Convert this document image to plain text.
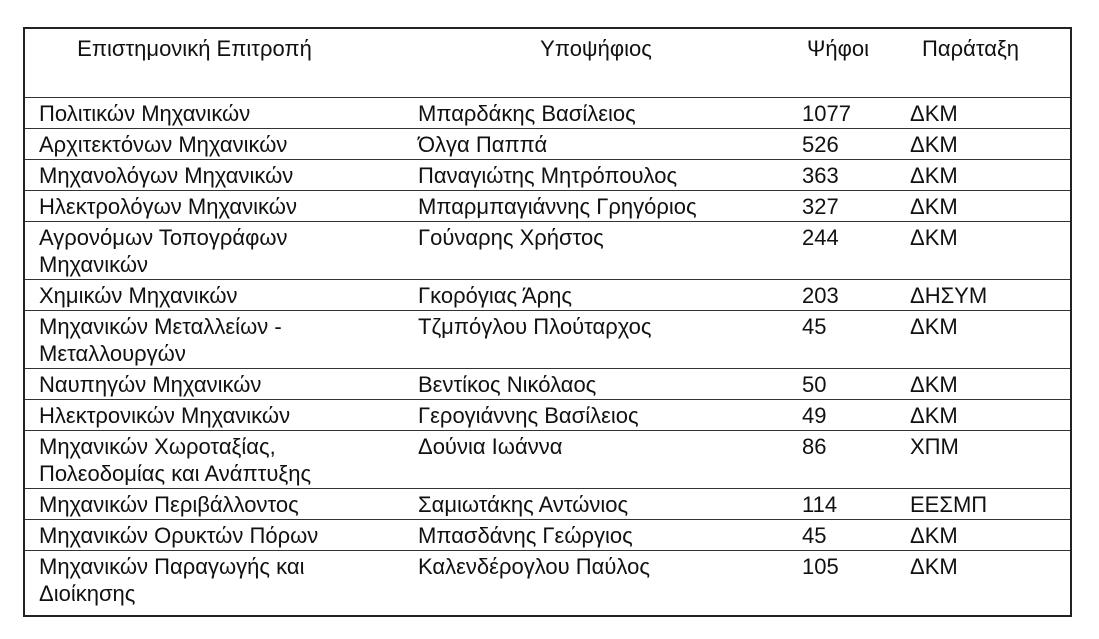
Επιστημονική Επιτροπή	Υποψήφιος	Ψήφοι	Παράταξη
Πολιτικών Μηχανικών	Μπαρδάκης Βασίλειος	1077	ΔΚΜ
Αρχιτεκτόνων Μηχανικών	Όλγα Παππά	526	ΔΚΜ
Μηχανολόγων Μηχανικών	Παναγιώτης Μητρόπουλος	363	ΔΚΜ
Ηλεκτρολόγων Μηχανικών	Μπαρμπαγιάννης Γρηγόριος	327	ΔΚΜ
Αγρονόμων Τοπογράφων Μηχανικών	Γούναρης Χρήστος	244	ΔΚΜ
Χημικών Μηχανικών	Γκορόγιας Άρης	203	ΔΗΣΥΜ
Μηχανικών Μεταλλείων - Μεταλλουργών	Τζμπόγλου Πλούταρχος	45	ΔΚΜ
Ναυπηγών Μηχανικών	Βεντίκος Νικόλαος	50	ΔΚΜ
Ηλεκτρονικών Μηχανικών	Γερογιάννης Βασίλειος	49	ΔΚΜ
Μηχανικών Χωροταξίας, Πολεοδομίας και Ανάπτυξης	Δούνια Ιωάννα	86	ΧΠΜ
Μηχανικών Περιβάλλοντος	Σαμιωτάκης Αντώνιος	114	ΕΕΣΜΠ
Μηχανικών Ορυκτών Πόρων	Μπασδάνης Γεώργιος	45	ΔΚΜ
Μηχανικών Παραγωγής και Διοίκησης	Καλενδέρογλου Παύλος	105	ΔΚΜ
